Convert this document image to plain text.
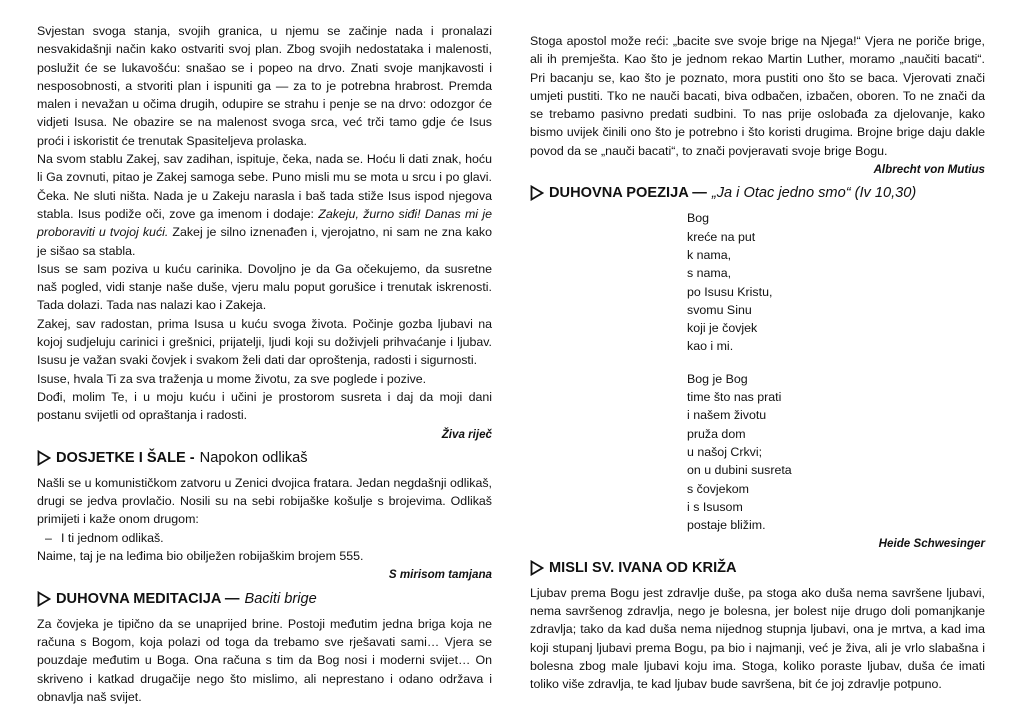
Svjestan svoga stanja, svojih granica, u njemu se začinje nada i pronalazi nesvakidašnji način kako ostvariti svoj plan. Zbog svojih nedostataka i malenosti, poslužit će se lukavošću: snašao se i popeo na drvo. Znati svoje manjkavosti i nesposobnosti, a stvoriti plan i ispuniti ga — za to je potrebna hrabrost. Premda malen i nevažan u očima drugih, odupire se strahu i penje se na drvo: odozgor će vidjeti Isusa. Ne obazire se na malenost svoga srca, već trči tamo gdje će Isus proći i iskoristit će trenutak Spasiteljeva prolaska.

Na svom stablu Zakej, sav zadihan, ispituje, čeka, nada se. Hoću li dati znak, hoću li Ga zovnuti, pitao je Zakej samoga sebe. Puno misli mu se mota u srcu i po glavi. Čeka. Ne sluti ništa. Nada je u Zakeju narasla i baš tada stiže Isus ispod njegova stabla. Isus podiže oči, zove ga imenom i dodaje: Zakeju, žurno siđi! Danas mi je proboraviti u tvojoj kući. Zakej je silno iznenađen i, vjerojatno, ni sam ne zna kako je sišao sa stabla.

Isus se sam poziva u kuću carinika. Dovoljno je da Ga očekujemo, da susretne naš pogled, vidi stanje naše duše, vjeru malu poput gorušice i trenutak iskrenosti. Tada dolazi. Tada nas nalazi kao i Zakeja.

Zakej, sav radostan, prima Isusa u kuću svoga života. Počinje gozba ljubavi na kojoj sudjeluju carinici i grešnici, prijatelji, ljudi koji su doživjeli prihvaćanje i ljubav. Isusu je važan svaki čovjek i svakom želi dati dar oproštenja, radosti i sigurnosti.

Isuse, hvala Ti za sva traženja u mome životu, za sve poglede i pozive.

Dođi, molim Te, i u moju kuću i učini je prostorom susreta i daj da moji dani postanu svijetli od opraštanja i radosti.

Živa riječ
DOSJETKE I ŠALE - Napokon odlikaš

Našli se u komunističkom zatvoru u Zenici dvojica fratara. Jedan negdašnji odlikaš, drugi se jedva provlačio. Nosili su na sebi robijaške košulje s brojevima. Odlikaš primijeti i kaže onom drugom:

– I ti jednom odlikaš.

Naime, taj je na leđima bio obilježen robijaškim brojem 555.

S mirisom tamjana
DUHOVNA MEDITACIJA — Baciti brige

Za čovjeka je tipično da se unaprijed brine. Postoji međutim jedna briga koja ne računa s Bogom, koja polazi od toga da trebamo sve rješavati sami… Vjera se pouzdaje međutim u Boga. Ona računa s tim da Bog nosi i moderni svijet… On skriveno i katkad drugačije nego što mislimo, ali neprestano i odano održava i obnavlja naš svijet.

Stoga apostol može reći: „bacite sve svoje brige na Njega!“ Vjera ne poriče brige, ali ih premješta. Kao što je jednom rekao Martin Luther, moramo „naučiti bacati“. Pri bacanju se, kao što je poznato, mora pustiti ono što se baca. Vjerovati znači umjeti pustiti. Tko ne nauči bacati, biva odbačen, izbačen, oboren. To ne znači da se trebamo pasivno predati sudbini. To nas prije oslobađa za djelovanje, kako bismo uvijek činili ono što je potrebno i što koristi drugima. Brojne brige daju dakle povod da se „nauči bacati“, to znači povjeravati svoje brige Bogu.

Albrecht von Mutius
DUHOVNA POEZIJA — „Ja i Otac jedno smo“ (Iv 10,30)
Bog
kreće na put
k nama,
s nama,
po Isusu Kristu,
svomu Sinu
koji je čovjek
kao i mi.
Bog je Bog
time što nas prati
i našem životu
pruža dom
u našoj Crkvi;
on u dubini susreta
s čovjekom
i s Isusom
postaje bližim.
Heide Schwesinger
MISLI SV. IVANA OD KRIŽA

Ljubav prema Bogu jest zdravlje duše, pa stoga ako duša nema savršene ljubavi, nema savršenog zdravlja, nego je bolesna, jer bolest nije drugo doli pomanjkanje zdravlja; tako da kad duša nema nijednog stupnja ljubavi, ona je mrtva, a kad ima koji stupanj ljubavi prema Bogu, pa bio i najmanji, već je živa, ali je vrlo slabašna i bolesna zbog male ljubavi koju ima. Stoga, koliko poraste ljubav, duša će imati toliko više zdravlja, te kad ljubav bude savršena, bit će joj zdravlje potpuno.
